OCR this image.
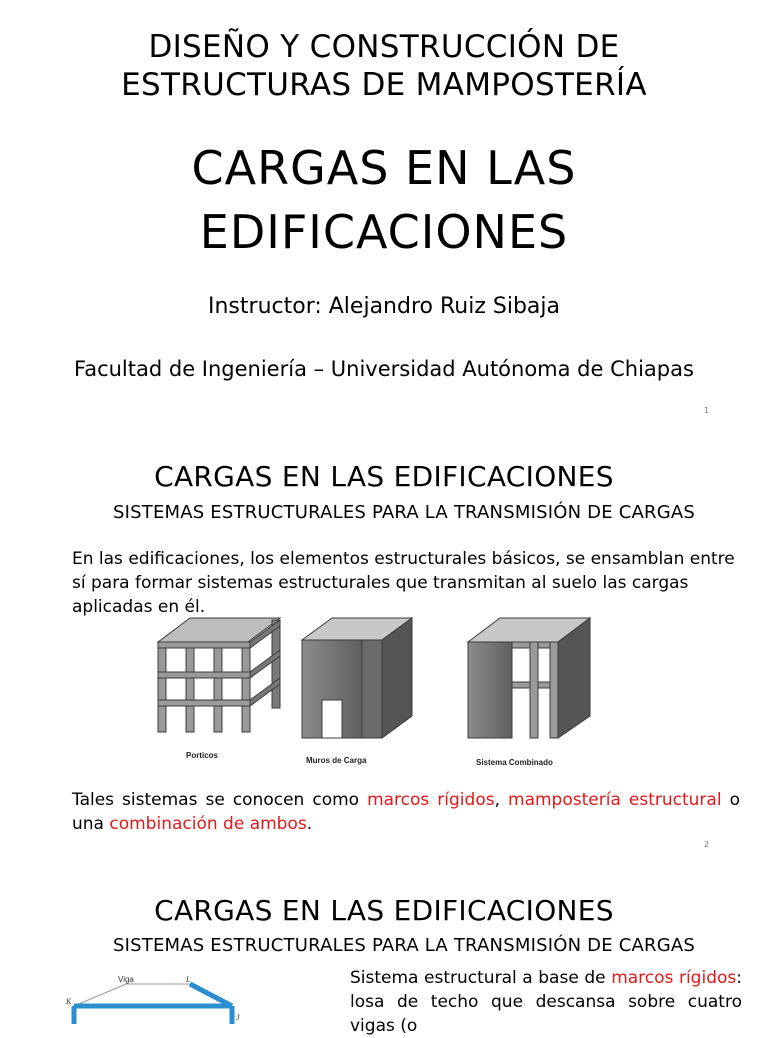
DISEÑO Y CONSTRUCCIÓN DE
ESTRUCTURAS DE MAMPOSTERÍA
CARGAS EN LAS
EDIFICACIONES
Instructor: Alejandro Ruiz Sibaja
Facultad de Ingeniería – Universidad Autónoma de Chiapas
1
CARGAS EN LAS EDIFICACIONES
SISTEMAS ESTRUCTURALES PARA LA TRANSMISIÓN DE CARGAS
En las edificaciones, los elementos estructurales básicos, se ensamblan entre sí para formar sistemas estructurales que transmitan al suelo las cargas aplicadas en él.
Porticos
Muros de Carga	Sistema Combinado
Tales sistemas se conocen como marcos rígidos, mampostería estructural o una combinación de ambos.
2
CARGAS EN LAS EDIFICACIONES
SISTEMAS ESTRUCTURALES PARA LA TRANSMISIÓN DE CARGAS
Viga
K
L
J
Sistema estructural a base de marcos rígidos: losa de techo que descansa sobre cuatro vigas (o
